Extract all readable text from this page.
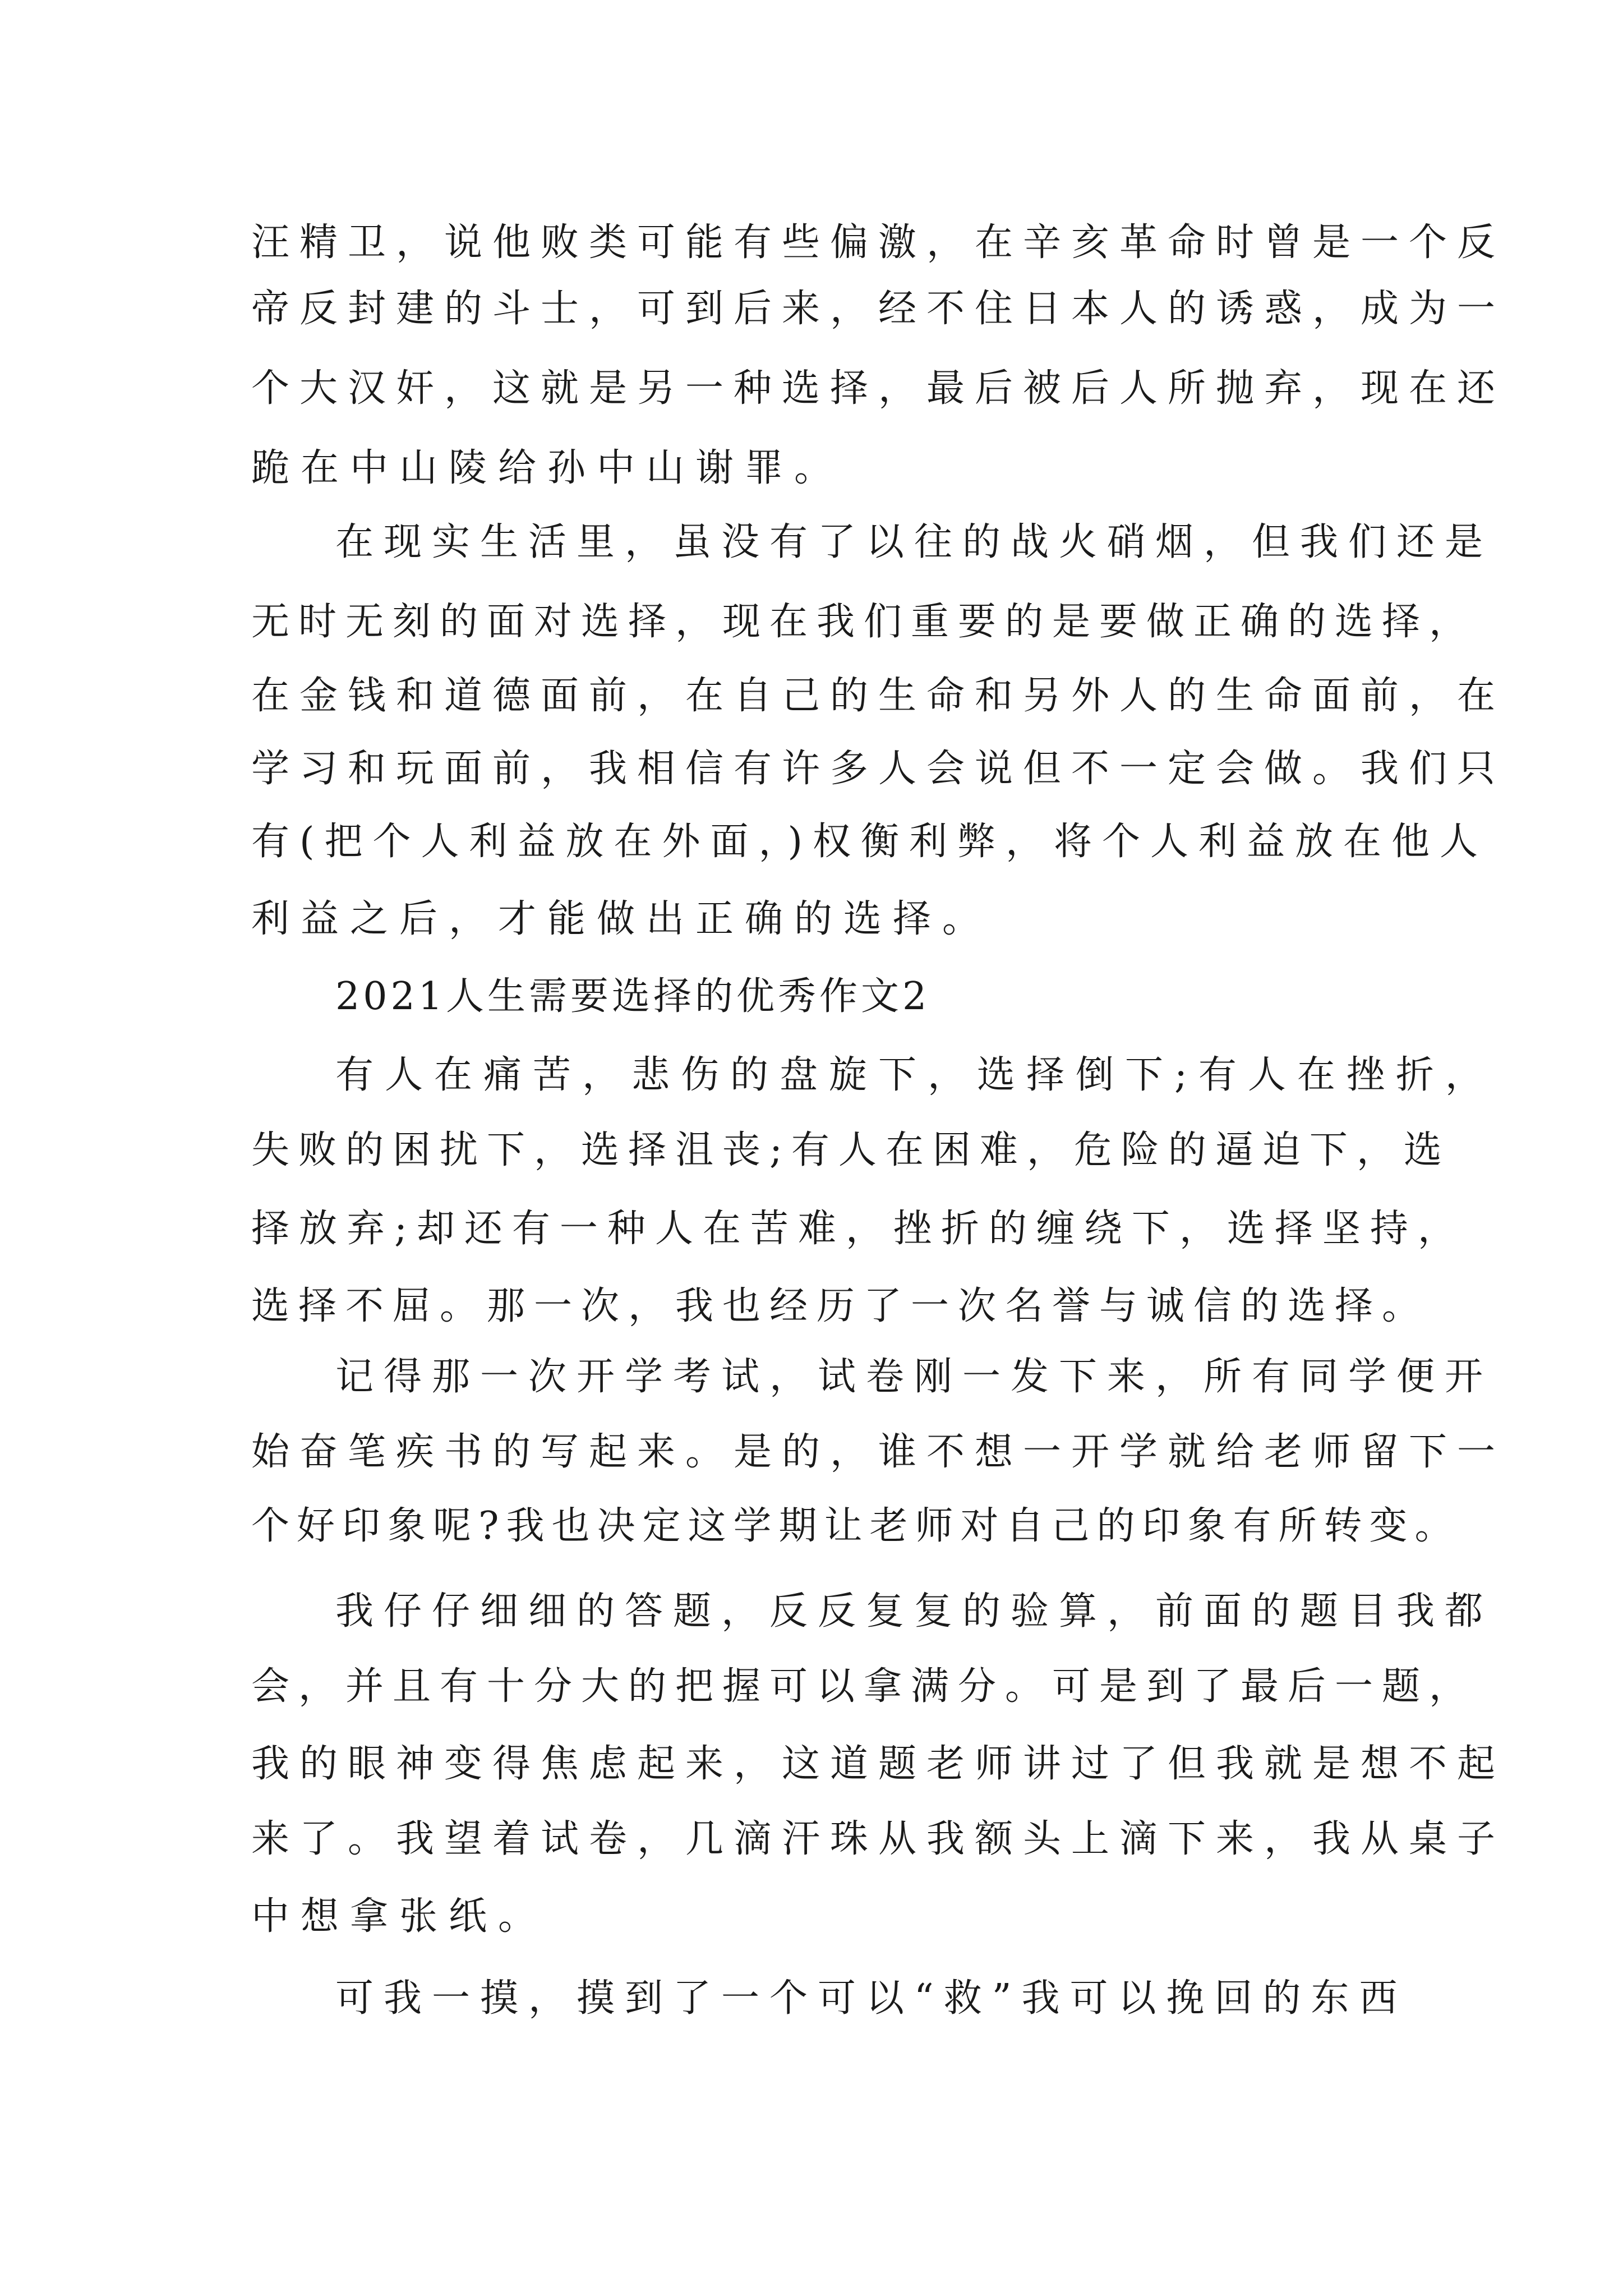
汪精卫，说他败类可能有些偏激，在辛亥革命时曾是一个反
帝反封建的斗士，可到后来，经不住日本人的诱惑，成为一
个大汉奸，这就是另一种选择，最后被后人所抛弃，现在还
跪在中山陵给孙中山谢罪。
在现实生活里，虽没有了以往的战火硝烟，但我们还是
无时无刻的面对选择，现在我们重要的是要做正确的选择，
在金钱和道德面前，在自己的生命和另外人的生命面前，在
学习和玩面前，我相信有许多人会说但不一定会做。我们只
有(把个人利益放在外面，)权衡利弊，将个人利益放在他人
利益之后，才能做出正确的选择。
2021人生需要选择的优秀作文2
有人在痛苦，悲伤的盘旋下，选择倒下;有人在挫折，
失败的困扰下，选择沮丧;有人在困难，危险的逼迫下，选
择放弃;却还有一种人在苦难，挫折的缠绕下，选择坚持，
选择不屈。那一次，我也经历了一次名誉与诚信的选择。
记得那一次开学考试，试卷刚一发下来，所有同学便开
始奋笔疾书的写起来。是的，谁不想一开学就给老师留下一
个好印象呢?我也决定这学期让老师对自己的印象有所转变。
我仔仔细细的答题，反反复复的验算，前面的题目我都
会，并且有十分大的把握可以拿满分。可是到了最后一题，
我的眼神变得焦虑起来，这道题老师讲过了但我就是想不起
来了。我望着试卷，几滴汗珠从我额头上滴下来，我从桌子
中想拿张纸。
可我一摸，摸到了一个可以“救”我可以挽回的东西
